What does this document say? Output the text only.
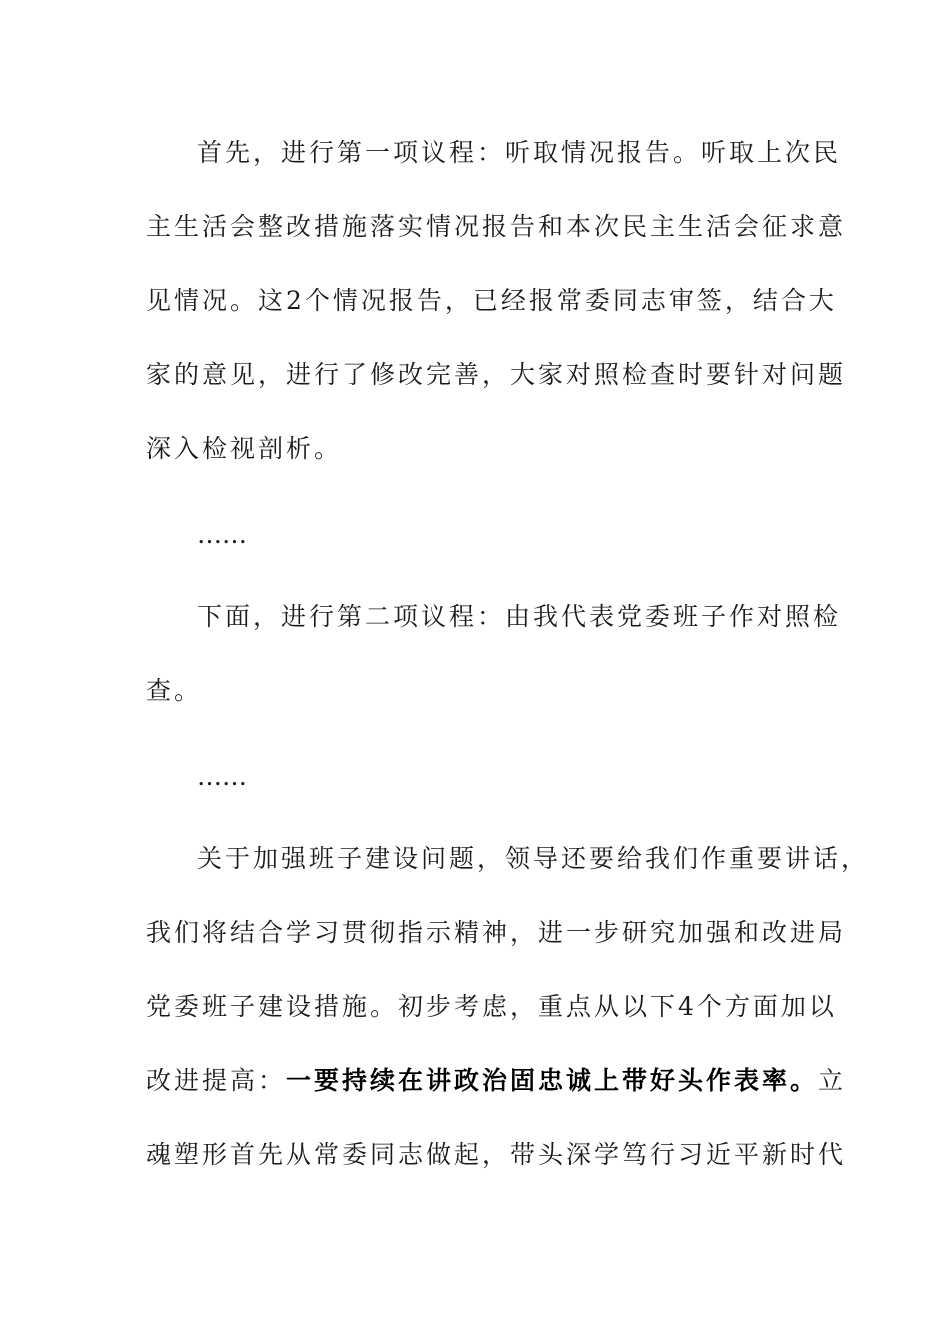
首先，进行第一项议程：听取情况报告。听取上次民
主生活会整改措施落实情况报告和本次民主生活会征求意
见情况。这2个情况报告，已经报常委同志审签，结合大
家的意见，进行了修改完善，大家对照检查时要针对问题
深入检视剖析。
……
下面，进行第二项议程：由我代表党委班子作对照检
查。
……
关于加强班子建设问题，领导还要给我们作重要讲话，
我们将结合学习贯彻指示精神，进一步研究加强和改进局
党委班子建设措施。初步考虑，重点从以下4个方面加以
改进提高：一要持续在讲政治固忠诚上带好头作表率。立
魂塑形首先从常委同志做起，带头深学笃行习近平新时代
